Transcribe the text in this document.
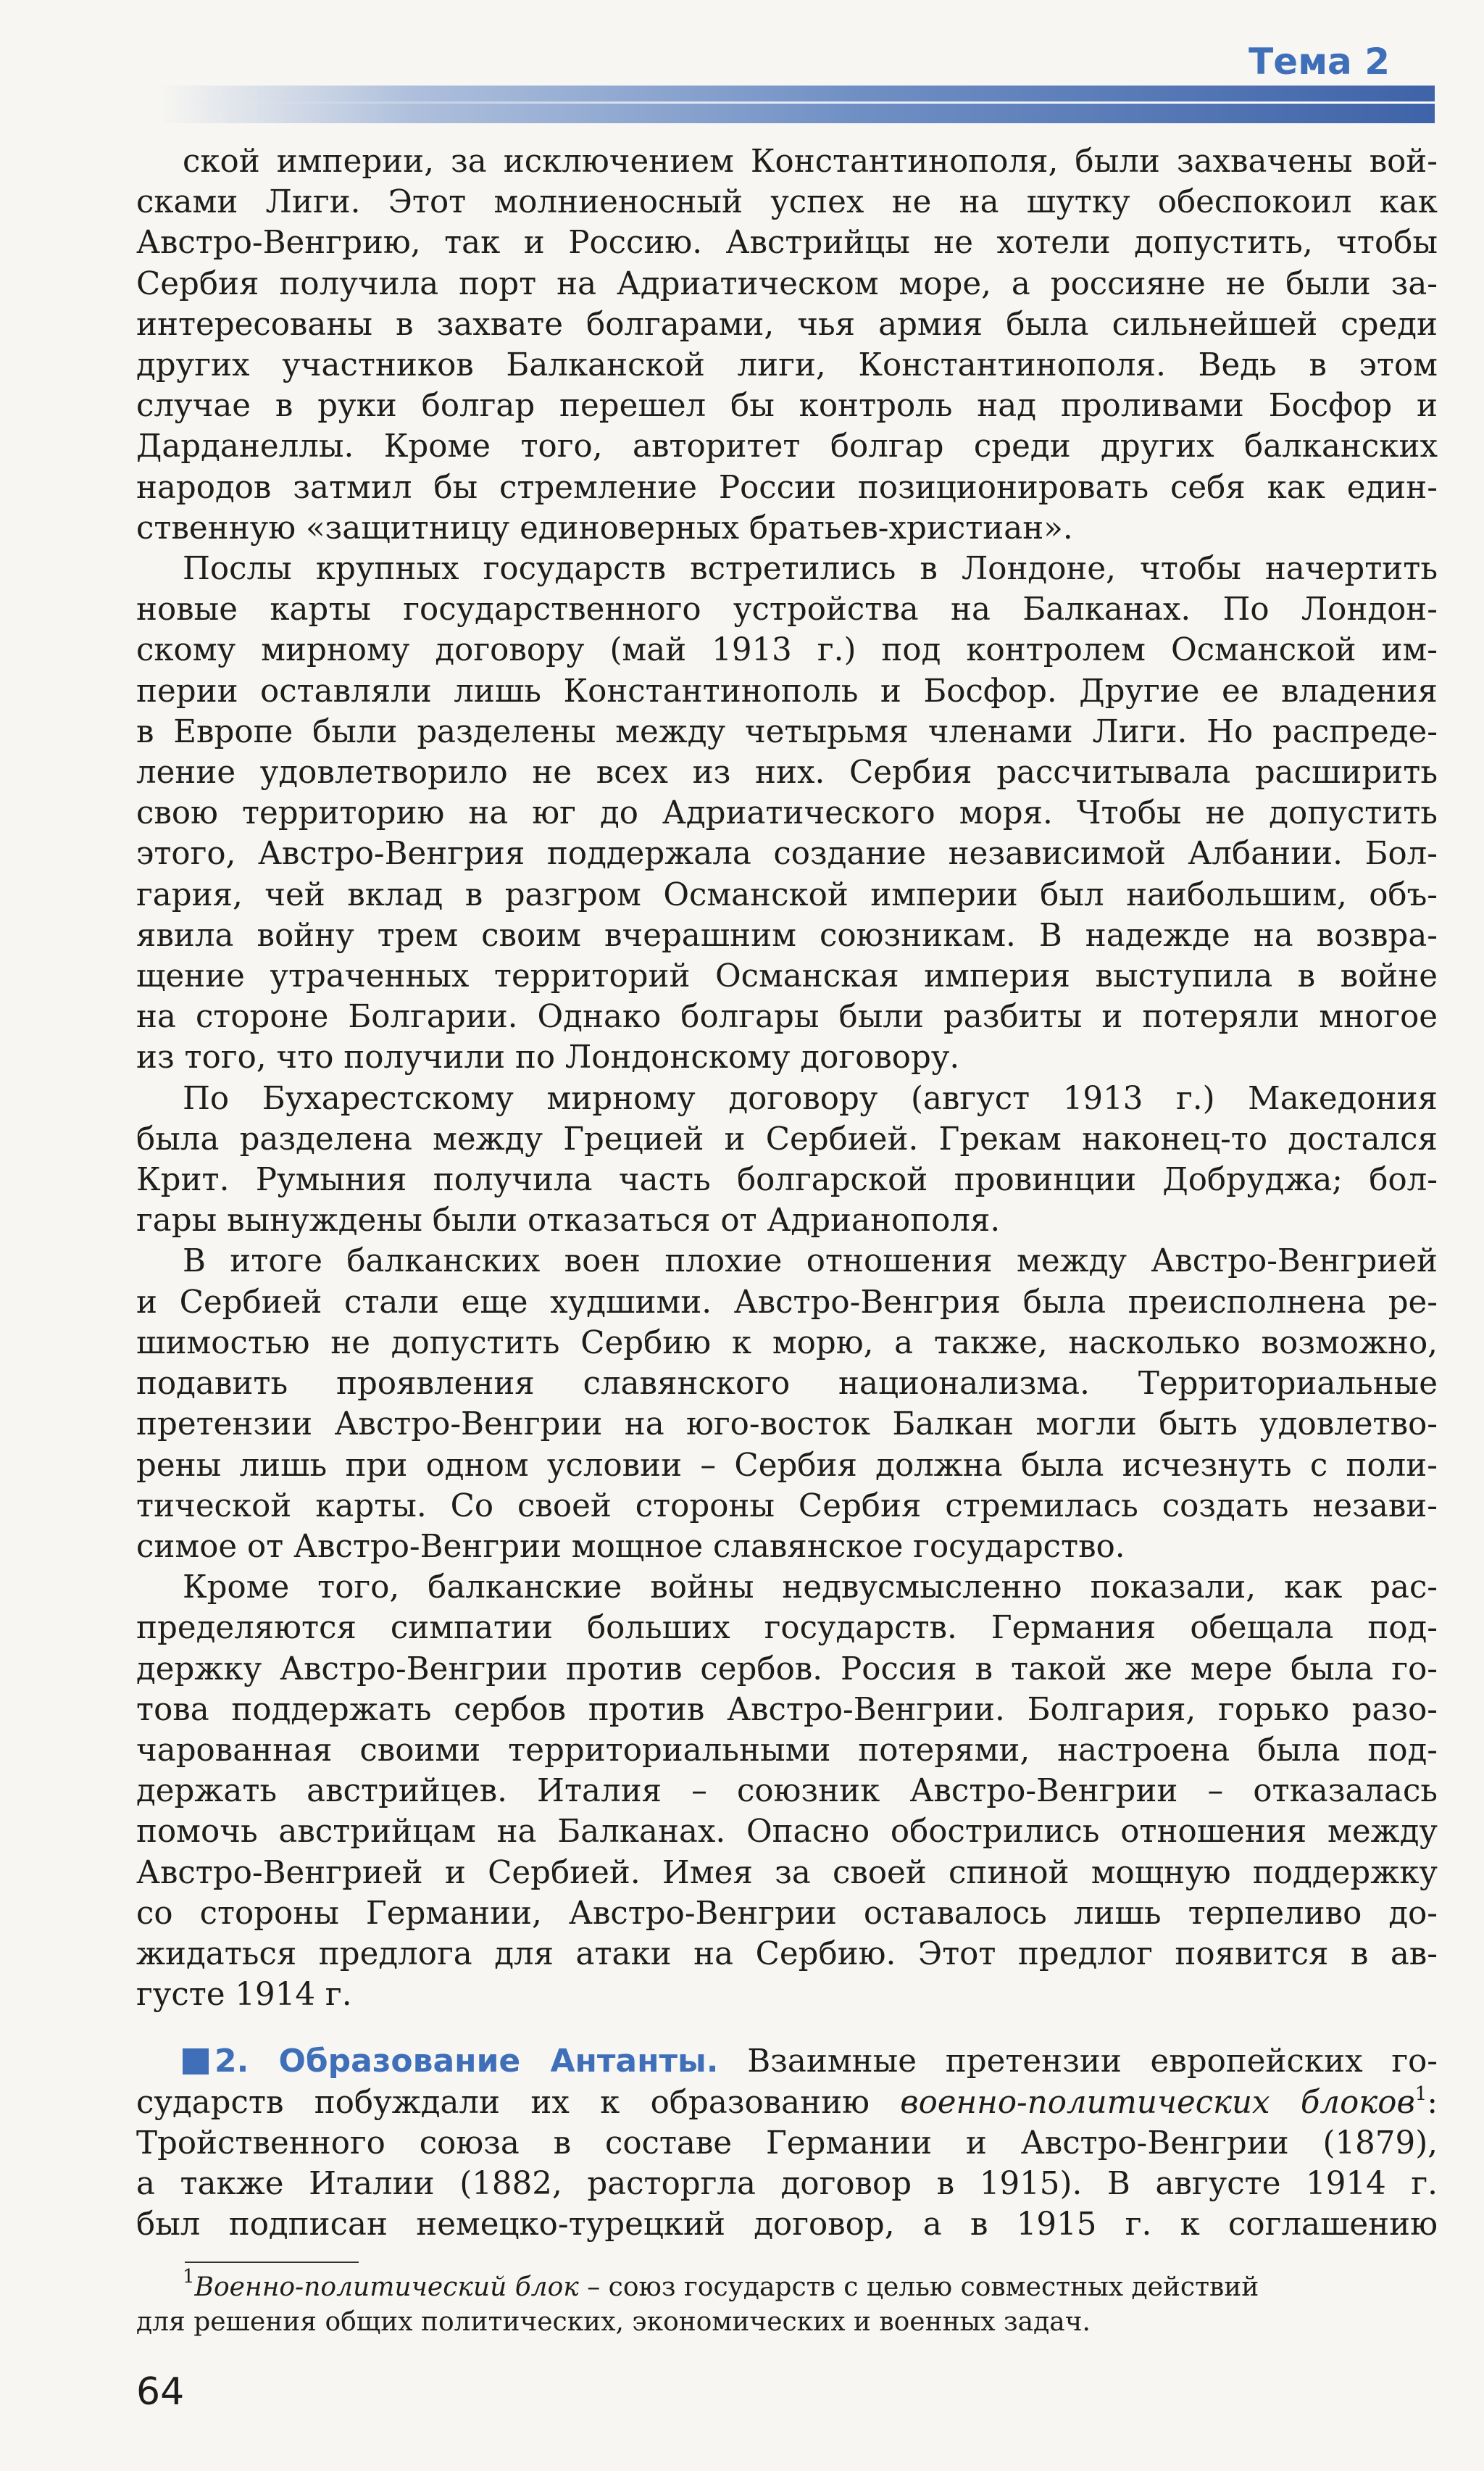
Тема 2
ской империи, за исключением Константинополя, были захвачены вой-
сками Лиги. Этот молниеносный успех не на шутку обеспокоил как
Австро-Венгрию, так и Россию. Австрийцы не хотели допустить, чтобы
Сербия получила порт на Адриатическом море, а россияне не были за-
интересованы в захвате болгарами, чья армия была сильнейшей среди
других участников Балканской лиги, Константинополя. Ведь в этом
случае в руки болгар перешел бы контроль над проливами Босфор и
Дарданеллы. Кроме того, авторитет болгар среди других балканских
народов затмил бы стремление России позиционировать себя как един-
ственную «защитницу единоверных братьев-христиан».
Послы крупных государств встретились в Лондоне, чтобы начертить
новые карты государственного устройства на Балканах. По Лондон-
скому мирному договору (май 1913 г.) под контролем Османской им-
перии оставляли лишь Константинополь и Босфор. Другие ее владения
в Европе были разделены между четырьмя членами Лиги. Но распреде-
ление удовлетворило не всех из них. Сербия рассчитывала расширить
свою территорию на юг до Адриатического моря. Чтобы не допустить
этого, Австро-Венгрия поддержала создание независимой Албании. Бол-
гария, чей вклад в разгром Османской империи был наибольшим, объ-
явила войну трем своим вчерашним союзникам. В надежде на возвра-
щение утраченных территорий Османская империя выступила в войне
на стороне Болгарии. Однако болгары были разбиты и потеряли многое
из того, что получили по Лондонскому договору.
По Бухарестскому мирному договору (август 1913 г.) Македония
была разделена между Грецией и Сербией. Грекам наконец-то достался
Крит. Румыния получила часть болгарской провинции Добруджа; бол-
гары вынуждены были отказаться от Адрианополя.
В итоге балканских воен плохие отношения между Австро-Венгрией
и Сербией стали еще худшими. Австро-Венгрия была преисполнена ре-
шимостью не допустить Сербию к морю, а также, насколько возможно,
подавить проявления славянского национализма. Территориальные
претензии Австро-Венгрии на юго-восток Балкан могли быть удовлетво-
рены лишь при одном условии – Сербия должна была исчезнуть с поли-
тической карты. Со своей стороны Сербия стремилась создать незави-
симое от Австро-Венгрии мощное славянское государство.
Кроме того, балканские войны недвусмысленно показали, как рас-
пределяются симпатии больших государств. Германия обещала под-
держку Австро-Венгрии против сербов. Россия в такой же мере была го-
това поддержать сербов против Австро-Венгрии. Болгария, горько разо-
чарованная своими территориальными потерями, настроена была под-
держать австрийцев. Италия – союзник Австро-Венгрии – отказалась
помочь австрийцам на Балканах. Опасно обострились отношения между
Австро-Венгрией и Сербией. Имея за своей спиной мощную поддержку
со стороны Германии, Австро-Венгрии оставалось лишь терпеливо до-
жидаться предлога для атаки на Сербию. Этот предлог появится в ав-
густе 1914 г.
2. Образование Антанты. Взаимные претензии европейских го-
сударств побуждали их к образованию военно-политических блоков$^1$:
Тройственного союза в составе Германии и Австро-Венгрии (1879),
а также Италии (1882, расторгла договор в 1915). В августе 1914 г.
был подписан немецко-турецкий договор, а в 1915 г. к соглашению
$^1$Военно-политический блок – союз государств с целью совместных действий
для решения общих политических, экономических и военных задач.
64
